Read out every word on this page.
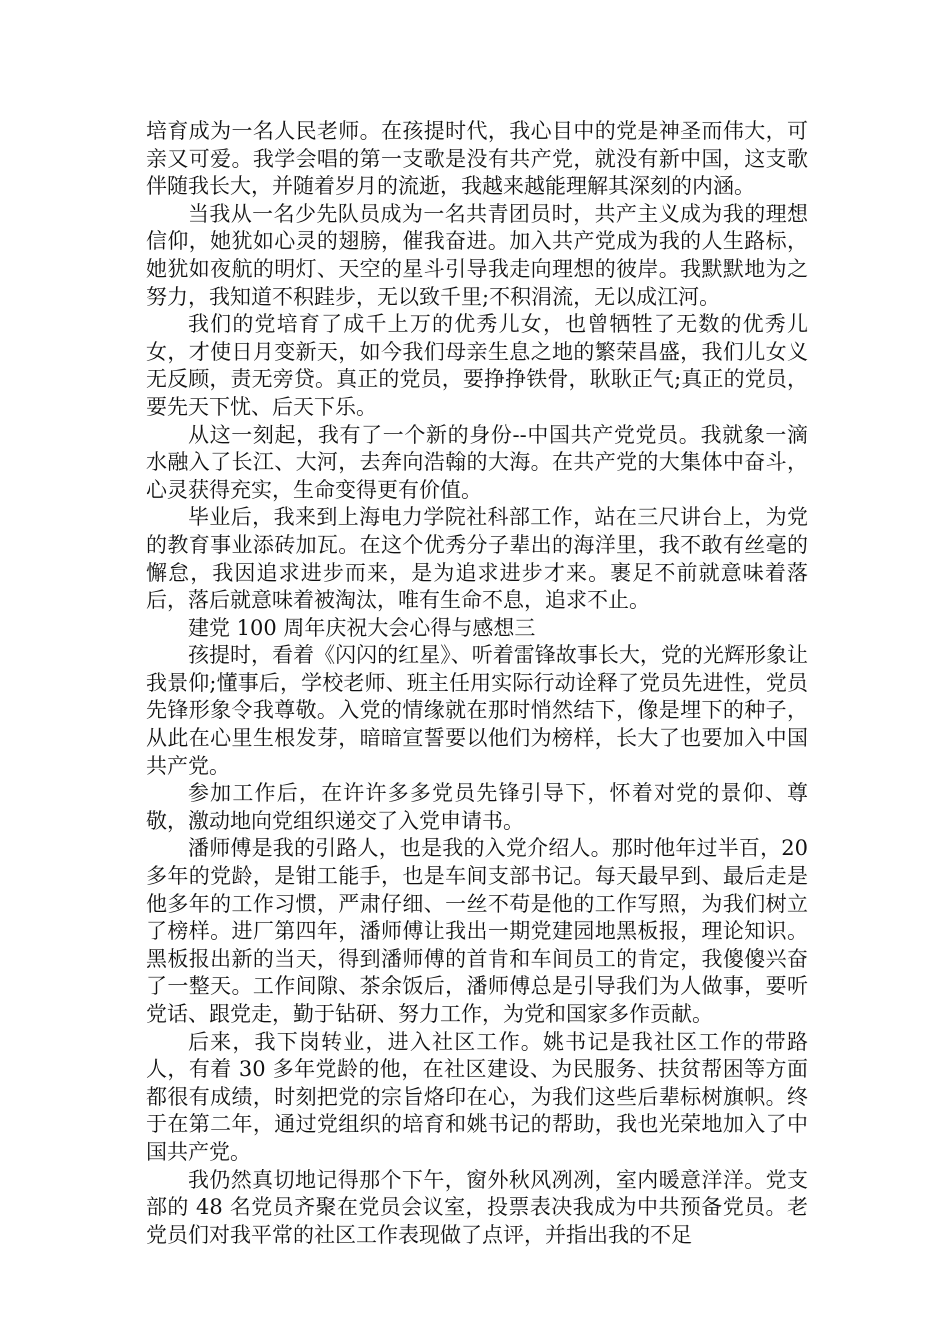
培育成为一名人民老师。在孩提时代，我心目中的党是神圣而伟大，可亲又可爱。我学会唱的第一支歌是没有共产党，就没有新中国，这支歌伴随我长大，并随着岁月的流逝，我越来越能理解其深刻的内涵。

当我从一名少先队员成为一名共青团员时，共产主义成为我的理想信仰，她犹如心灵的翅膀，催我奋进。加入共产党成为我的人生路标，她犹如夜航的明灯、天空的星斗引导我走向理想的彼岸。我默默地为之努力，我知道不积跬步，无以致千里;不积涓流，无以成江河。

我们的党培育了成千上万的优秀儿女，也曾牺牲了无数的优秀儿女，才使日月变新天，如今我们母亲生息之地的繁荣昌盛，我们儿女义无反顾，责无旁贷。真正的党员，要挣挣铁骨，耿耿正气;真正的党员，要先天下忧、后天下乐。

从这一刻起，我有了一个新的身份--中国共产党党员。我就象一滴水融入了长江、大河，去奔向浩翰的大海。在共产党的大集体中奋斗，心灵获得充实，生命变得更有价值。

毕业后，我来到上海电力学院社科部工作，站在三尺讲台上，为党的教育事业添砖加瓦。在这个优秀分子辈出的海洋里，我不敢有丝毫的懈怠，我因追求进步而来，是为追求进步才来。裹足不前就意味着落后，落后就意味着被淘汰，唯有生命不息，追求不止。

建党 100 周年庆祝大会心得与感想三

孩提时，看着《闪闪的红星》、听着雷锋故事长大，党的光辉形象让我景仰;懂事后，学校老师、班主任用实际行动诠释了党员先进性，党员先锋形象令我尊敬。入党的情缘就在那时悄然结下，像是埋下的种子，从此在心里生根发芽，暗暗宣誓要以他们为榜样，长大了也要加入中国共产党。

参加工作后，在许许多多党员先锋引导下，怀着对党的景仰、尊敬，激动地向党组织递交了入党申请书。

潘师傅是我的引路人，也是我的入党介绍人。那时他年过半百，20 多年的党龄，是钳工能手，也是车间支部书记。每天最早到、最后走是他多年的工作习惯，严肃仔细、一丝不苟是他的工作写照，为我们树立了榜样。进厂第四年，潘师傅让我出一期党建园地黑板报，理论知识。黑板报出新的当天，得到潘师傅的首肯和车间员工的肯定，我傻傻兴奋了一整天。工作间隙、茶余饭后，潘师傅总是引导我们为人做事，要听党话、跟党走，勤于钻研、努力工作，为党和国家多作贡献。

后来，我下岗转业，进入社区工作。姚书记是我社区工作的带路人，有着 30 多年党龄的他，在社区建设、为民服务、扶贫帮困等方面都很有成绩，时刻把党的宗旨烙印在心，为我们这些后辈标树旗帜。终于在第二年，通过党组织的培育和姚书记的帮助，我也光荣地加入了中国共产党。

我仍然真切地记得那个下午，窗外秋风冽冽，室内暖意洋洋。党支部的 48 名党员齐聚在党员会议室，投票表决我成为中共预备党员。老党员们对我平常的社区工作表现做了点评，并指出我的不足
